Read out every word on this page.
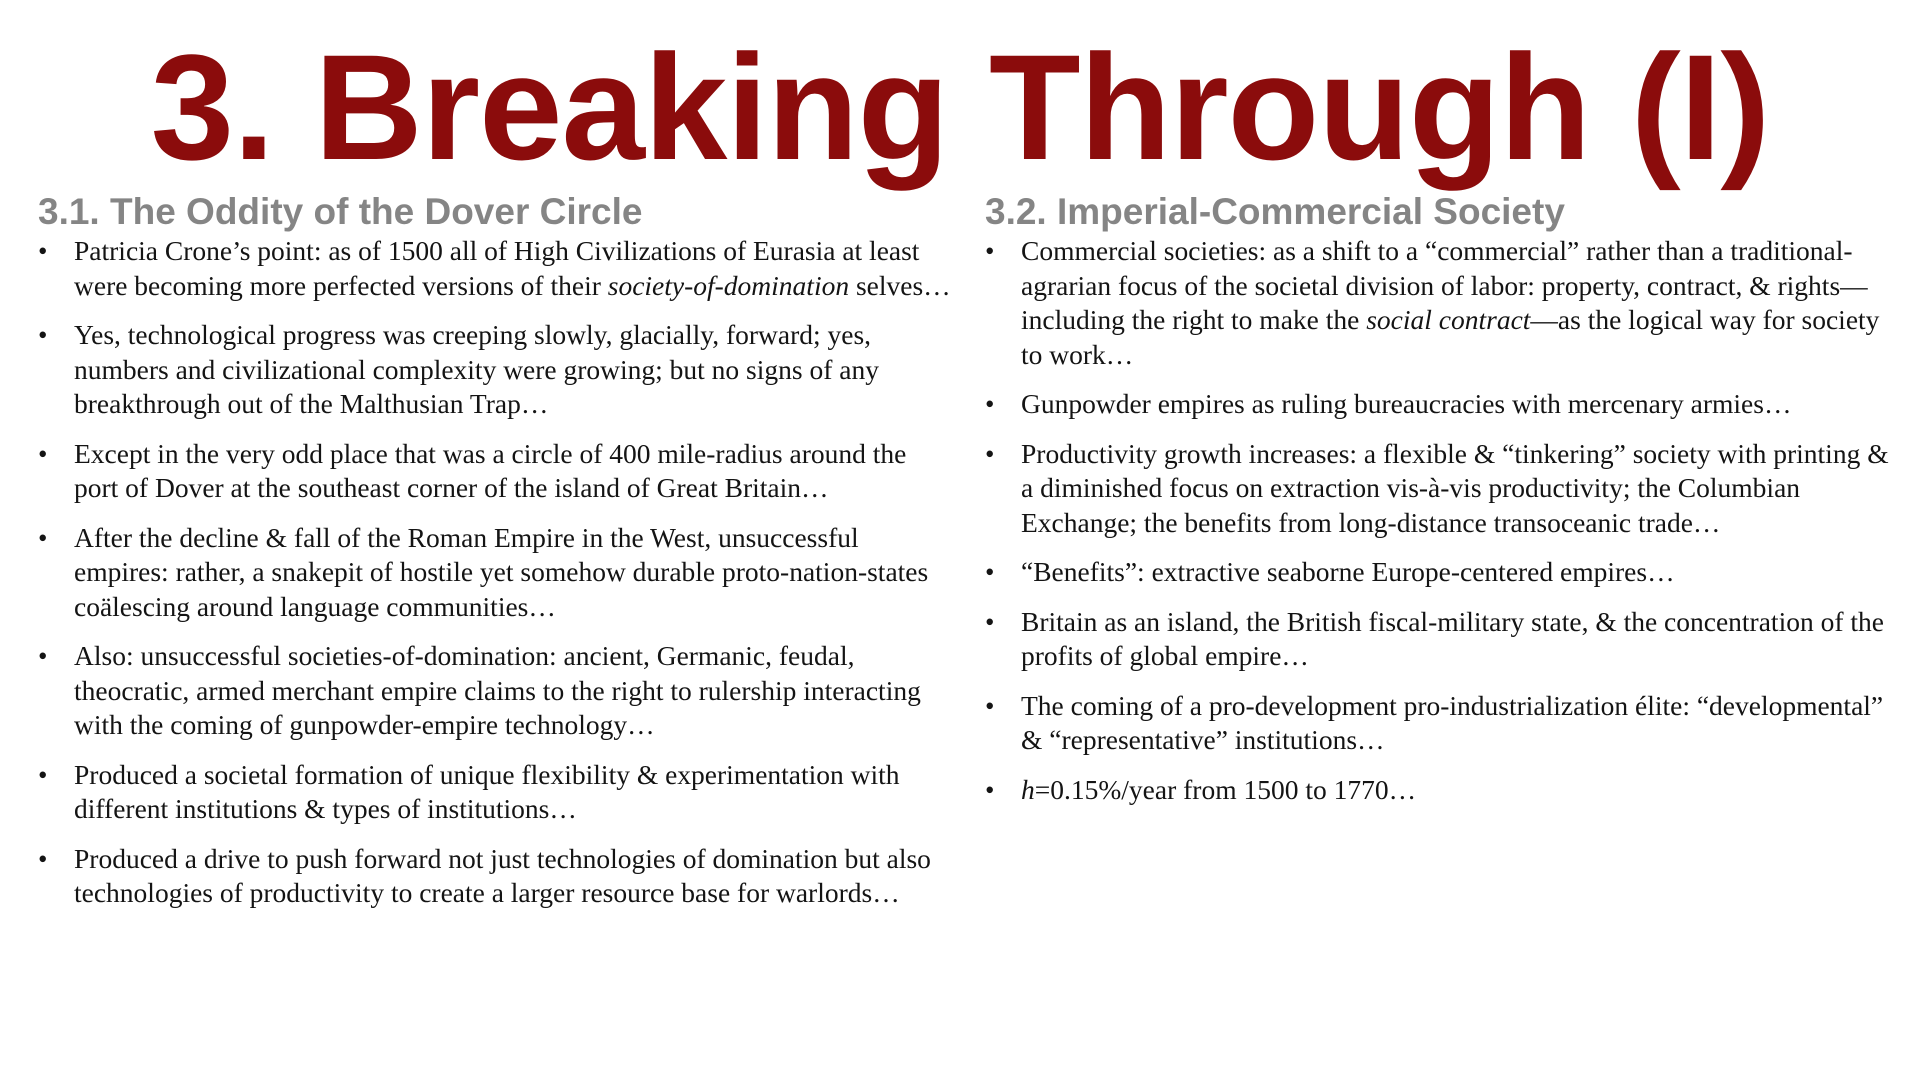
3. Breaking Through (I)
3.1. The Oddity of the Dover Circle
• Patricia Crone’s point: as of 1500 all of High Civilizations of Eurasia at least were becoming more perfected versions of their society-of-domination selves…
• Yes, technological progress was creeping slowly, glacially, forward; yes, numbers and civilizational complexity were growing; but no signs of any breakthrough out of the Malthusian Trap…
• Except in the very odd place that was a circle of 400 mile-radius around the port of Dover at the southeast corner of the island of Great Britain…
• After the decline & fall of the Roman Empire in the West, unsuccessful empires: rather, a snakepit of hostile yet somehow durable proto-nation-states coälescing around language communities…
• Also: unsuccessful societies-of-domination: ancient, Germanic, feudal, theocratic, armed merchant empire claims to the right to rulership interacting with the coming of gunpowder-empire technology…
• Produced a societal formation of unique flexibility & experimentation with different institutions & types of institutions…
• Produced a drive to push forward not just technologies of domination but also technologies of productivity to create a larger resource base for warlords…
3.2. Imperial-Commercial Society
• Commercial societies: as a shift to a “commercial” rather than a traditional-agrarian focus of the societal division of labor: property, contract, & rights—including the right to make the social contract—as the logical way for society to work…
• Gunpowder empires as ruling bureaucracies with mercenary armies…
• Productivity growth increases: a flexible & “tinkering” society with printing & a diminished focus on extraction vis-à-vis productivity; the Columbian Exchange; the benefits from long-distance transoceanic trade…
• “Benefits”: extractive seaborne Europe-centered empires…
• Britain as an island, the British fiscal-military state, & the concentration of the profits of global empire…
• The coming of a pro-development pro-industrialization élite: “developmental” & “representative” institutions…
• h=0.15%/year from 1500 to 1770…
